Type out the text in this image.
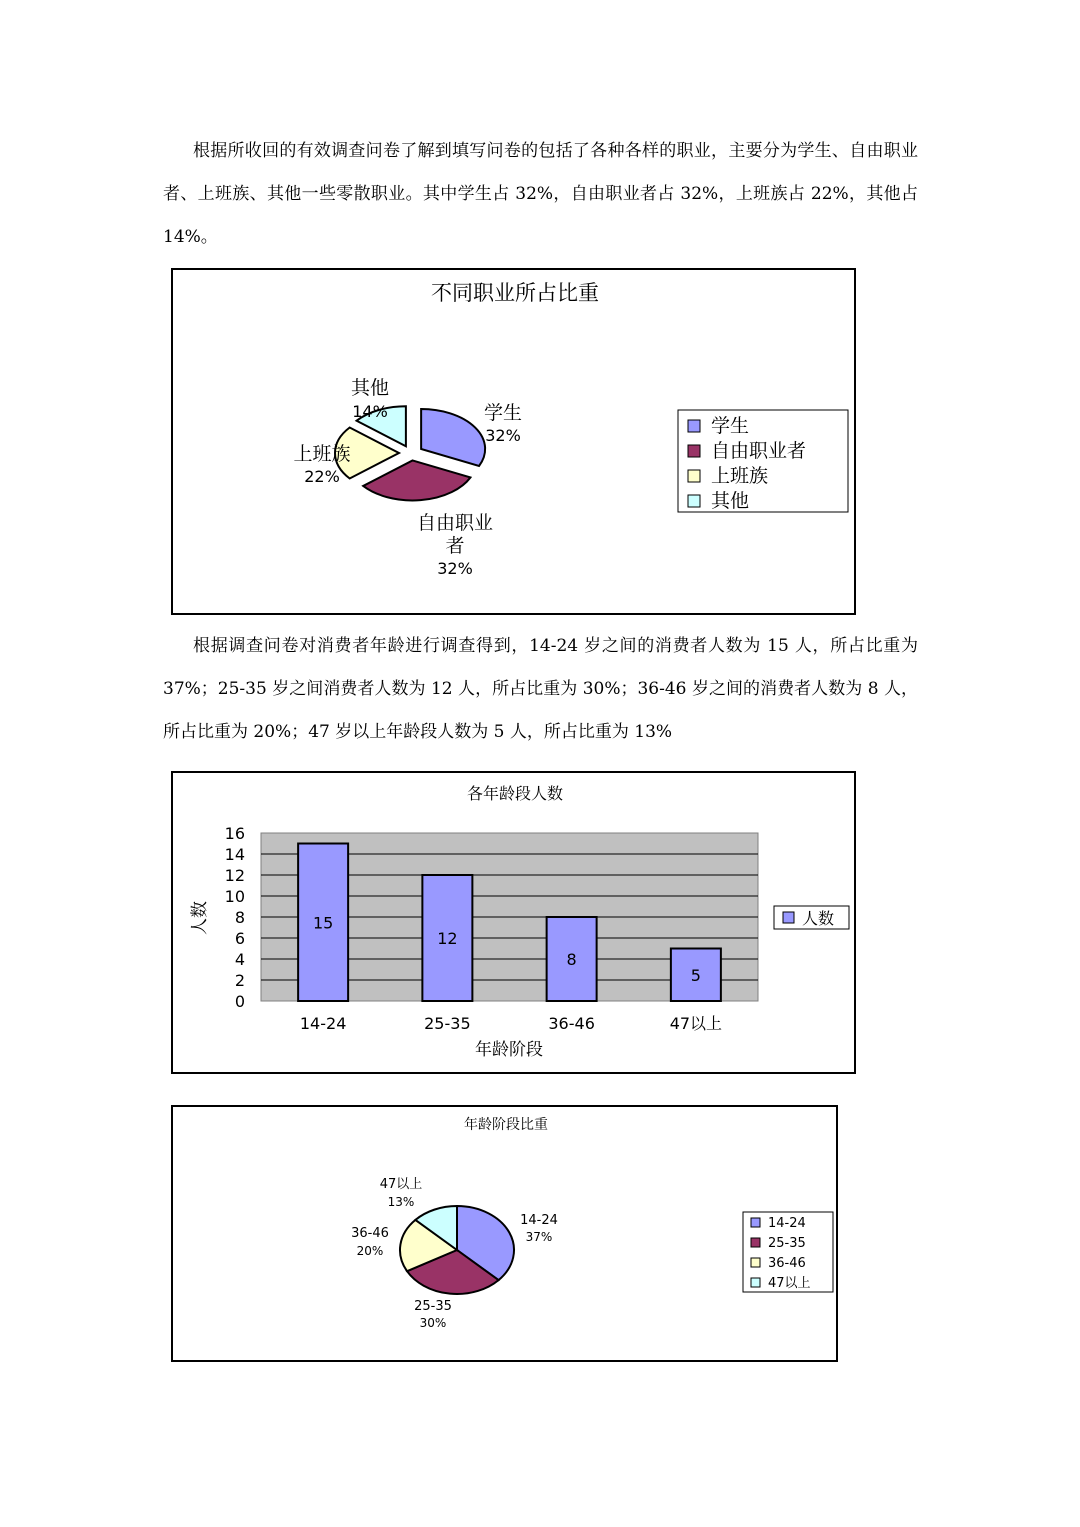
根据所收回的有效调查问卷了解到填写问卷的包括了各种各样的职业，主要分为学生、自由职业者、上班族、其他一些零散职业。其中学生占 32%，自由职业者占 32%，上班族占 22%，其他占 14%。

不同职业所占比重
学生
32%
自由职业
者
32%
上班族
22%
其他
14%
学生
自由职业者
上班族
其他

根据调查问卷对消费者年龄进行调查得到，14-24 岁之间的消费者人数为 15 人，所占比重为 37%；25-35 岁之间消费者人数为 12 人，所占比重为 30%；36-46 岁之间的消费者人数为 8 人，所占比重为 20%；47 岁以上年龄段人数为 5 人，所占比重为 13%

各年龄段人数
0
2
4
6
8
10
12
14
16
15
12
8
5
14-24	25-35	36-46	47以上
年龄阶段
人数	人数
年龄阶段比重
14-24
37%
25-35
30%
36-46
20%
47以上
13%
14-24
25-35
36-46
47以上
